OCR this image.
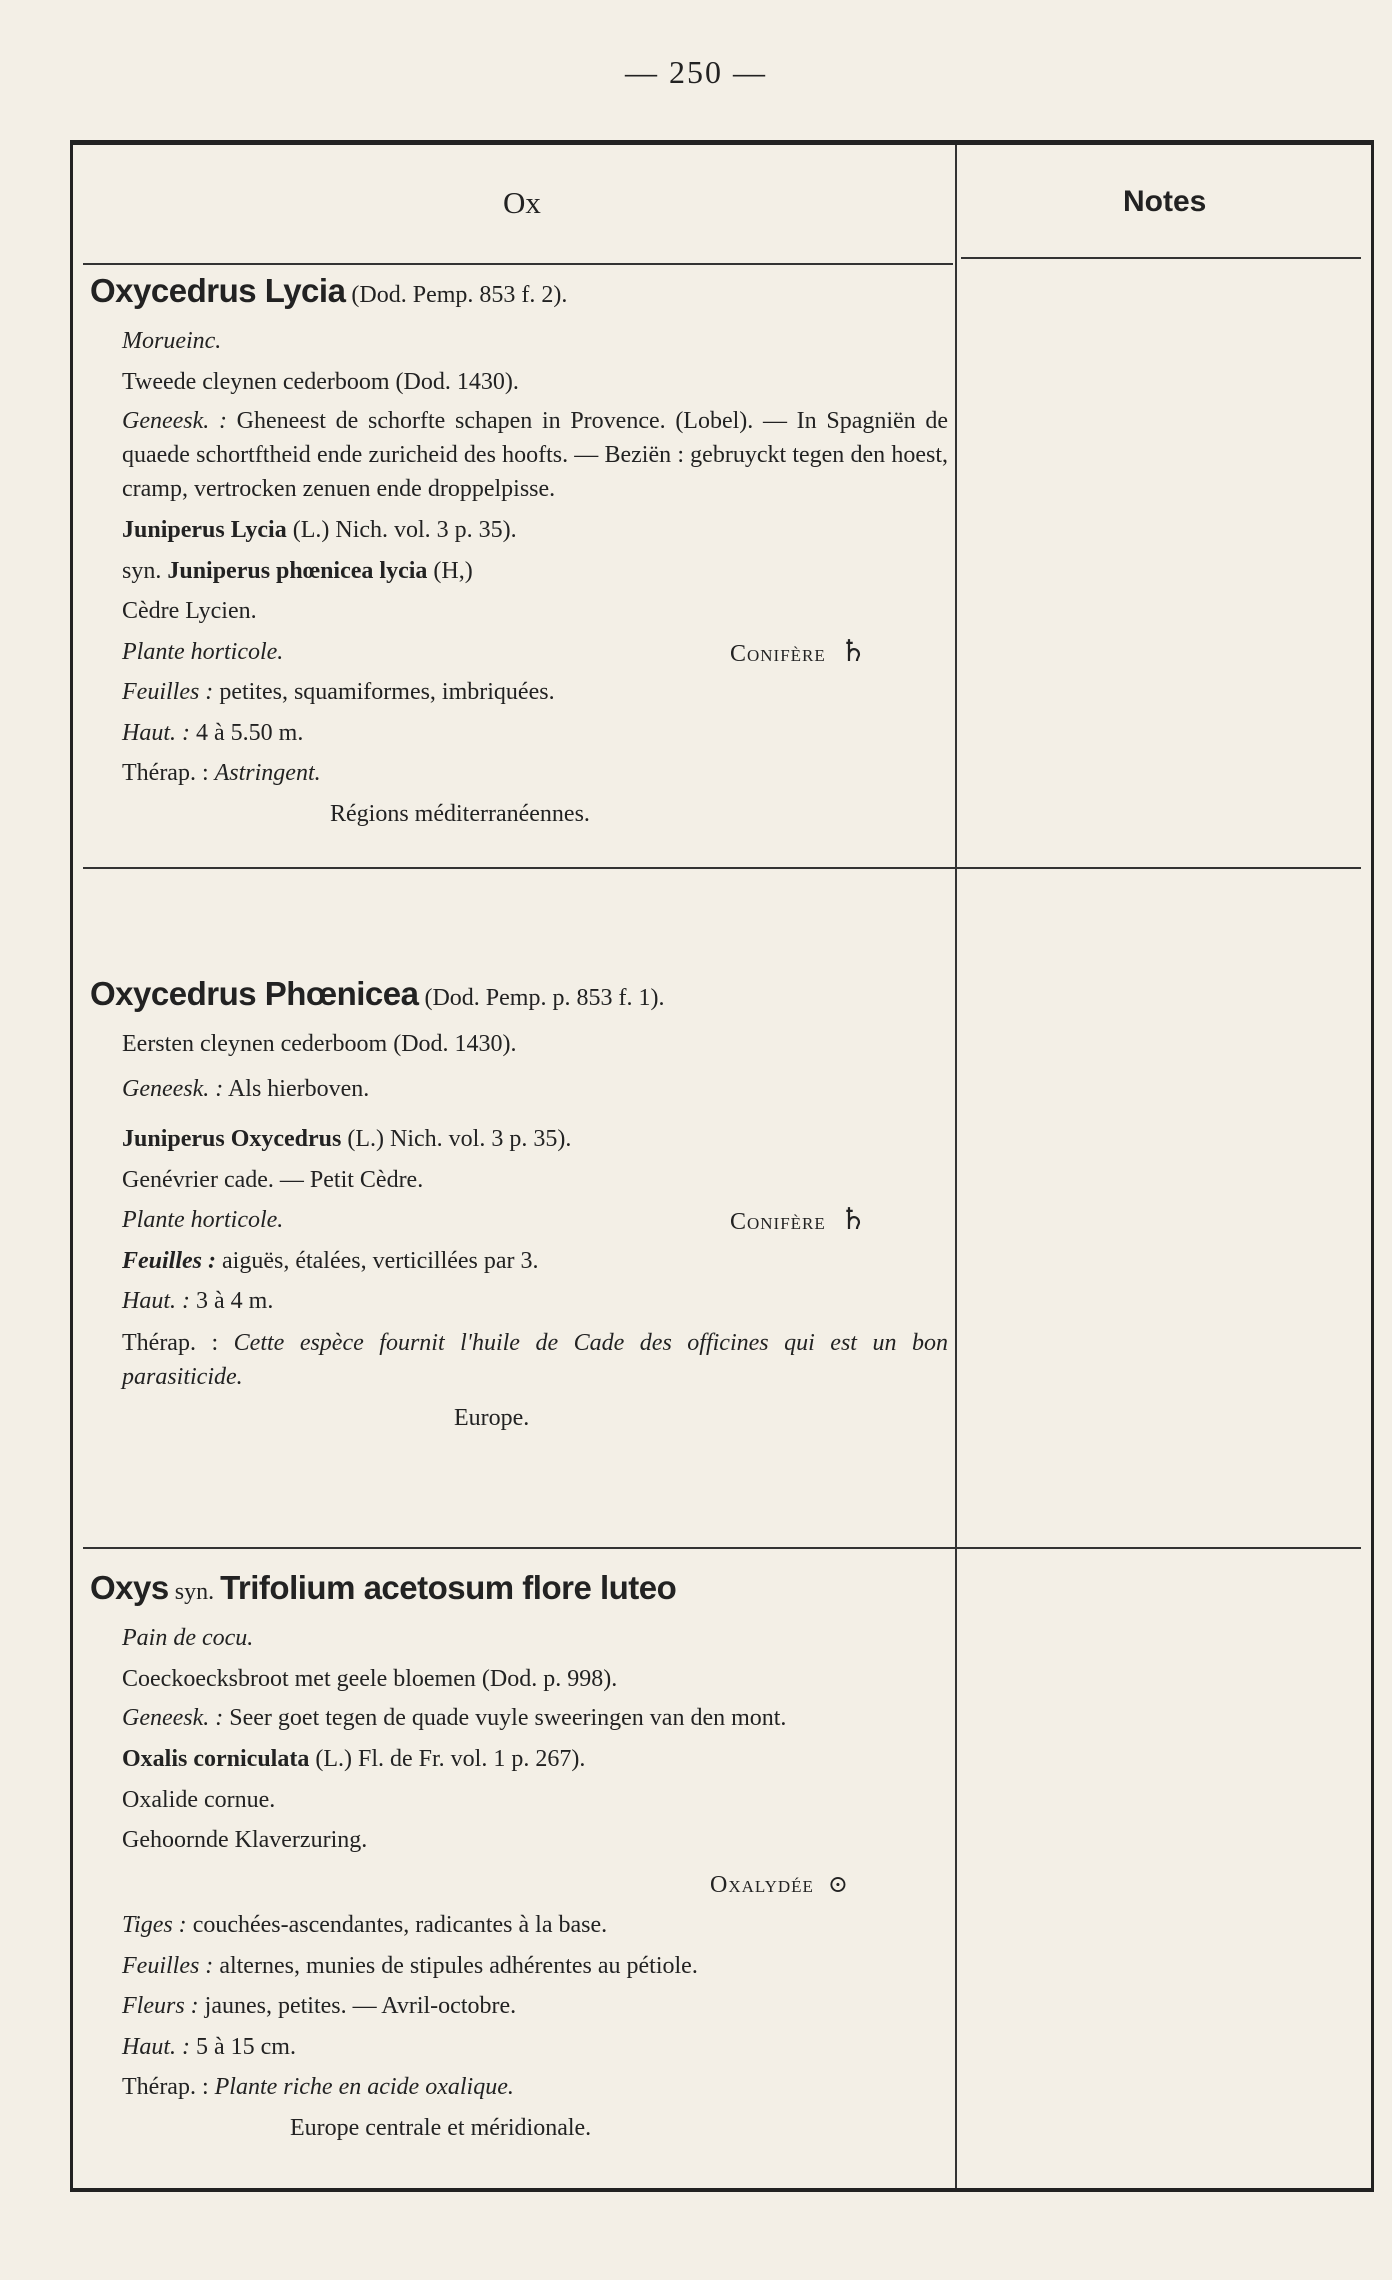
— 250 —
Ox	Notes
Oxycedrus Lycia (Dod. Pemp. 853 f. 2).
Morueinc.
Tweede cleynen cederboom (Dod. 1430).
Geneesk. : Gheneest de schorfte schapen in Provence. (Lobel). — In Spagniën de quaede schortftheid ende zuricheid des hoofts. — Beziën : gebruyckt tegen den hoest, cramp, vertrocken zenuen ende droppelpisse.
Juniperus Lycia (L.) Nich. vol. 3 p. 35).
syn. Juniperus phœnicea lycia (H,)
Cèdre Lycien.
Plante horticole.	Conifère ♄
Feuilles : petites, squamiformes, imbriquées.
Haut. : 4 à 5.50 m.
Thérap. : Astringent.
Régions méditerranéennes.
Oxycedrus Phœnicea (Dod. Pemp. p. 853 f. 1).
Eersten cleynen cederboom (Dod. 1430).
Geneesk. : Als hierboven.
Juniperus Oxycedrus (L.) Nich. vol. 3 p. 35).
Genévrier cade. — Petit Cèdre.
Plante horticole.	Conifère ♄
Feuilles : aiguës, étalées, verticillées par 3.
Haut. : 3 à 4 m.
Thérap. : Cette espèce fournit l'huile de Cade des officines qui est un bon parasiticide.
Europe.
Oxys syn. Trifolium acetosum flore luteo
Pain de cocu.
Coeckoecksbroot met geele bloemen (Dod. p. 998).
Geneesk. : Seer goet tegen de quade vuyle sweeringen van den mont.
Oxalis corniculata (L.) Fl. de Fr. vol. 1 p. 267).
Oxalide cornue.
Gehoornde Klaverzuring.
Oxalydée ⊙
Tiges : couchées-ascendantes, radicantes à la base.
Feuilles : alternes, munies de stipules adhérentes au pétiole.
Fleurs : jaunes, petites. — Avril-octobre.
Haut. : 5 à 15 cm.
Thérap. : Plante riche en acide oxalique.
Europe centrale et méridionale.
